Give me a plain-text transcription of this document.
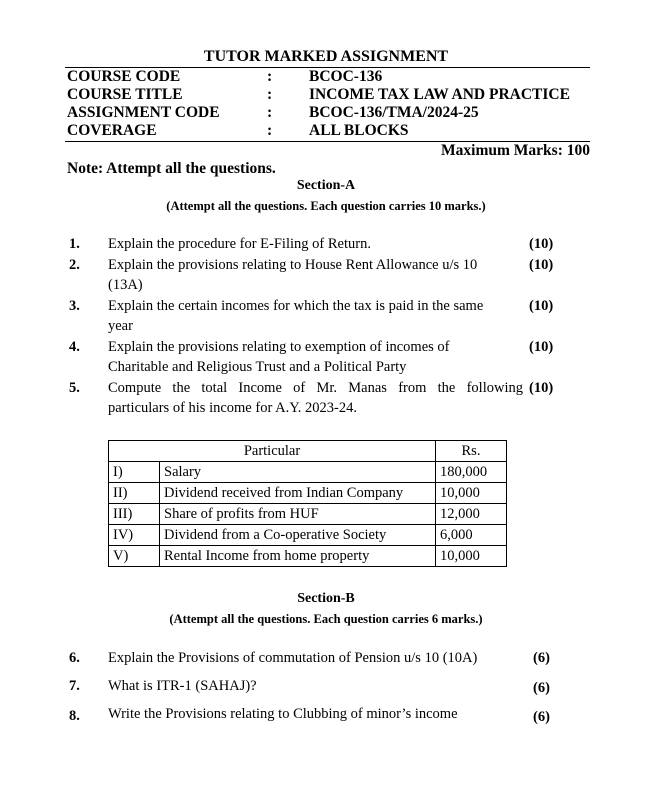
TUTOR MARKED ASSIGNMENT
COURSE CODE	: BCOC-136
COURSE TITLE	: INCOME TAX LAW AND PRACTICE
ASSIGNMENT CODE	: BCOC-136/TMA/2024-25
COVERAGE	: ALL BLOCKS
Maximum Marks: 100
Note: Attempt all the questions.
Section-A
(Attempt all the questions. Each question carries 10 marks.)
1. Explain the procedure for E-Filing of Return.	(10)
2. Explain the provisions relating to House Rent Allowance u/s 10
(13A)
(10)
3. Explain the certain incomes for which the tax is paid in the same
year
(10)
4. Explain the provisions relating to exemption of incomes of
Charitable and Religious Trust and a Political Party
(10)
5. Compute the total Income of Mr. Manas from the following
particulars of his income for A.Y. 2023-24.
(10)
Particular		Rs.
I)	Salary	180,000
II)	Dividend received from Indian Company	10,000
III)	Share of profits from HUF	12,000
IV)	Dividend from a Co-operative Society	6,000
V)	Rental Income from home property	10,000
Section-B
(Attempt all the questions. Each question carries 6 marks.)
6. Explain the Provisions of commutation of Pension u/s 10 (10A)	(6)
7. What is ITR-1 (SAHAJ)?	(6)
8. Write the Provisions relating to Clubbing of minor’s income	(6)
